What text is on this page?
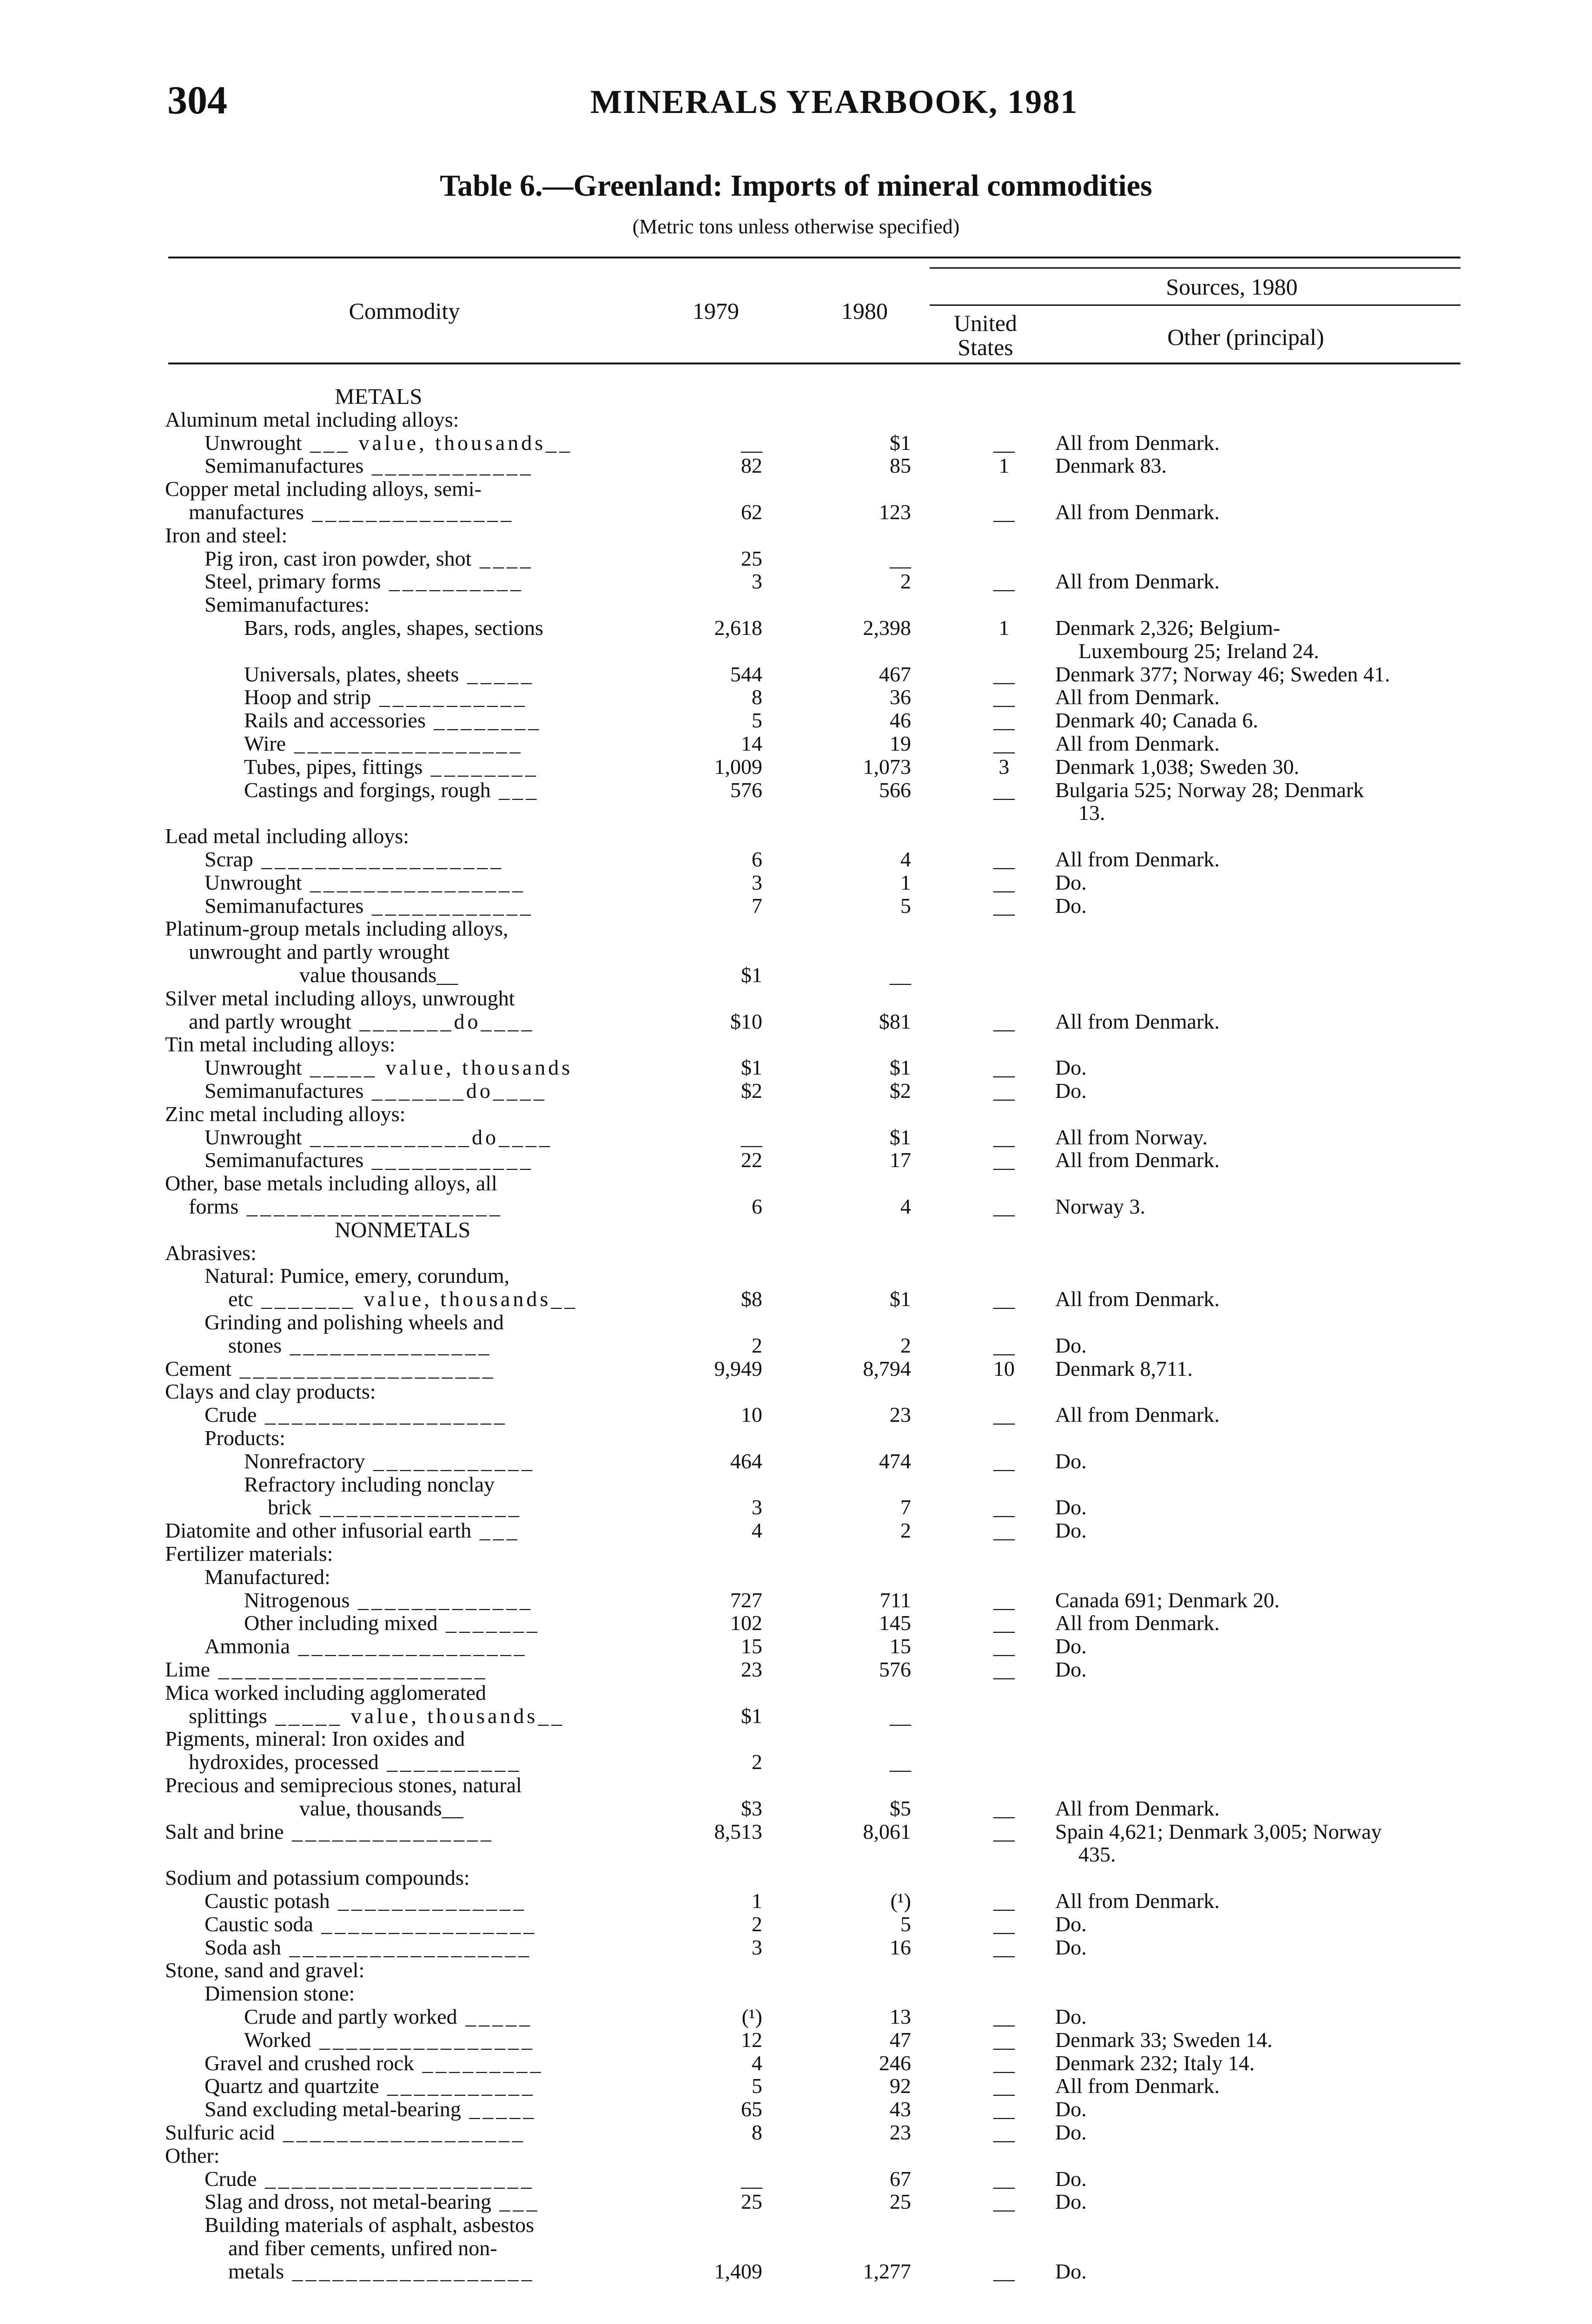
304	MINERALS YEARBOOK, 1981
Table 6.—Greenland: Imports of mineral commodities
(Metric tons unless otherwise specified)
Commodity	1979	1980
Sources, 1980
United
States	Other (principal)
METALS
Aluminum metal including alloys:
Unwrought ___ value, thousands__	__	$1	__	All from Denmark.
Semimanufactures ____________	82	85	1	Denmark 83.
Copper metal including alloys, semi-
manufactures _______________	62	123	__	All from Denmark.
Iron and steel:
Pig iron, cast iron powder, shot ____	25	__
Steel, primary forms __________	3	2	__	All from Denmark.
Semimanufactures:
Bars, rods, angles, shapes, sections	2,618	2,398	1	Denmark 2,326; Belgium-
Luxembourg 25; Ireland 24.
Universals, plates, sheets _____	544	467	__	Denmark 377; Norway 46; Sweden 41.
Hoop and strip ___________	8	36	__	All from Denmark.
Rails and accessories ________	5	46	__	Denmark 40; Canada 6.
Wire _________________	14	19	__	All from Denmark.
Tubes, pipes, fittings ________	1,009	1,073	3	Denmark 1,038; Sweden 30.
Castings and forgings, rough ___	576	566	__	Bulgaria 525; Norway 28; Denmark
13.
Lead metal including alloys:
Scrap __________________	6	4	__	All from Denmark.
Unwrought ________________	3	1	__	Do.
Semimanufactures ____________	7	5	__	Do.
Platinum-group metals including alloys,
unwrought and partly wrought
value thousands__	$1	__
Silver metal including alloys, unwrought
and partly wrought _______do____	$10	$81	__	All from Denmark.
Tin metal including alloys:
Unwrought _____ value, thousands	$1	$1	__	Do.
Semimanufactures _______do____	$2	$2	__	Do.
Zinc metal including alloys:
Unwrought ____________do____	__	$1	__	All from Norway.
Semimanufactures ____________	22	17	__	All from Denmark.
Other, base metals including alloys, all
forms ___________________	6	4	__	Norway 3.
NONMETALS
Abrasives:
Natural: Pumice, emery, corundum,
etc _______ value, thousands__	$8	$1	__	All from Denmark.
Grinding and polishing wheels and
stones _______________	2	2	__	Do.
Cement ___________________	9,949	8,794	10	Denmark 8,711.
Clays and clay products:
Crude __________________	10	23	__	All from Denmark.
Products:
Nonrefractory ____________	464	474	__	Do.
Refractory including nonclay
brick _______________	3	7	__	Do.
Diatomite and other infusorial earth ___	4	2	__	Do.
Fertilizer materials:
Manufactured:
Nitrogenous _____________	727	711	__	Canada 691; Denmark 20.
Other including mixed _______	102	145	__	All from Denmark.
Ammonia _________________	15	15	__	Do.
Lime ____________________	23	576	__	Do.
Mica worked including agglomerated
splittings _____ value, thousands__	$1	__
Pigments, mineral: Iron oxides and
hydroxides, processed __________	2	__
Precious and semiprecious stones, natural
value, thousands__	$3	$5	__	All from Denmark.
Salt and brine _______________	8,513	8,061	__	Spain 4,621; Denmark 3,005; Norway
435.
Sodium and potassium compounds:
Caustic potash ______________	1	(¹)	__	All from Denmark.
Caustic soda ________________	2	5	__	Do.
Soda ash __________________	3	16	__	Do.
Stone, sand and gravel:
Dimension stone:
Crude and partly worked _____	(¹)	13	__	Do.
Worked ________________	12	47	__	Denmark 33; Sweden 14.
Gravel and crushed rock _________	4	246	__	Denmark 232; Italy 14.
Quartz and quartzite ___________	5	92	__	All from Denmark.
Sand excluding metal-bearing _____	65	43	__	Do.
Sulfuric acid __________________	8	23	__	Do.
Other:
Crude ____________________	__	67	__	Do.
Slag and dross, not metal-bearing ___	25	25	__	Do.
Building materials of asphalt, asbestos
and fiber cements, unfired non-
metals __________________	1,409	1,277	__	Do.
